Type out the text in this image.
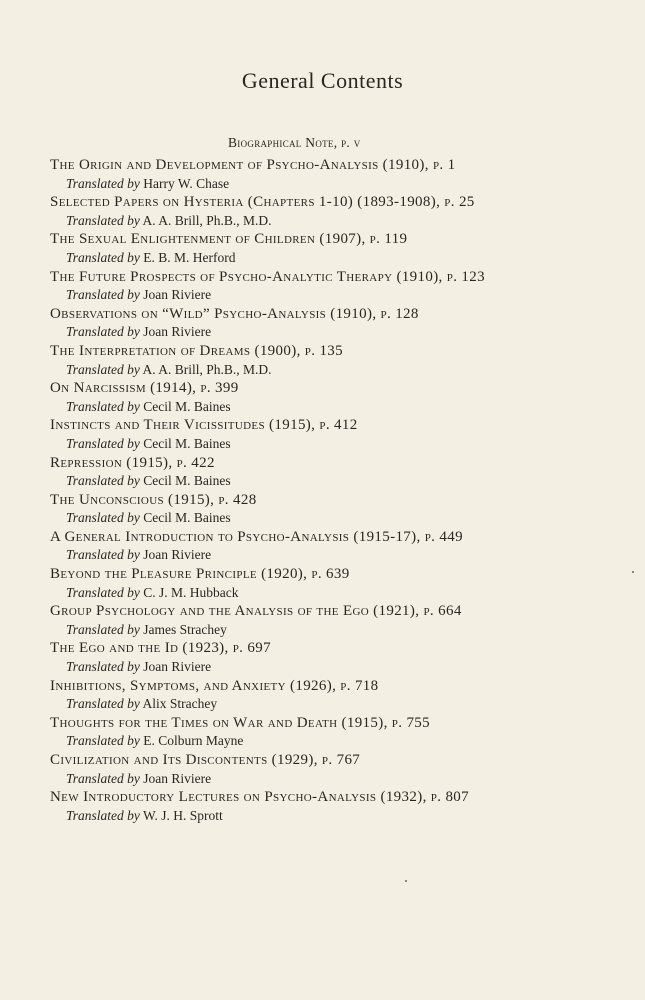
General Contents
Biographical Note, p. v
The Origin and Development of Psycho-Analysis (1910), p. 1
Translated by Harry W. Chase
Selected Papers on Hysteria (Chapters 1-10) (1893-1908), p. 25
Translated by A. A. Brill, Ph.B., M.D.
The Sexual Enlightenment of Children (1907), p. 119
Translated by E. B. M. Herford
The Future Prospects of Psycho-Analytic Therapy (1910), p. 123
Translated by Joan Riviere
Observations on “Wild” Psycho-Analysis (1910), p. 128
Translated by Joan Riviere
The Interpretation of Dreams (1900), p. 135
Translated by A. A. Brill, Ph.B., M.D.
On Narcissism (1914), p. 399
Translated by Cecil M. Baines
Instincts and Their Vicissitudes (1915), p. 412
Translated by Cecil M. Baines
Repression (1915), p. 422
Translated by Cecil M. Baines
The Unconscious (1915), p. 428
Translated by Cecil M. Baines
A General Introduction to Psycho-Analysis (1915-17), p. 449
Translated by Joan Riviere
Beyond the Pleasure Principle (1920), p. 639
Translated by C. J. M. Hubback
Group Psychology and the Analysis of the Ego (1921), p. 664
Translated by James Strachey
The Ego and the Id (1923), p. 697
Translated by Joan Riviere
Inhibitions, Symptoms, and Anxiety (1926), p. 718
Translated by Alix Strachey
Thoughts for the Times on War and Death (1915), p. 755
Translated by E. Colburn Mayne
Civilization and Its Discontents (1929), p. 767
Translated by Joan Riviere
New Introductory Lectures on Psycho-Analysis (1932), p. 807
Translated by W. J. H. Sprott
